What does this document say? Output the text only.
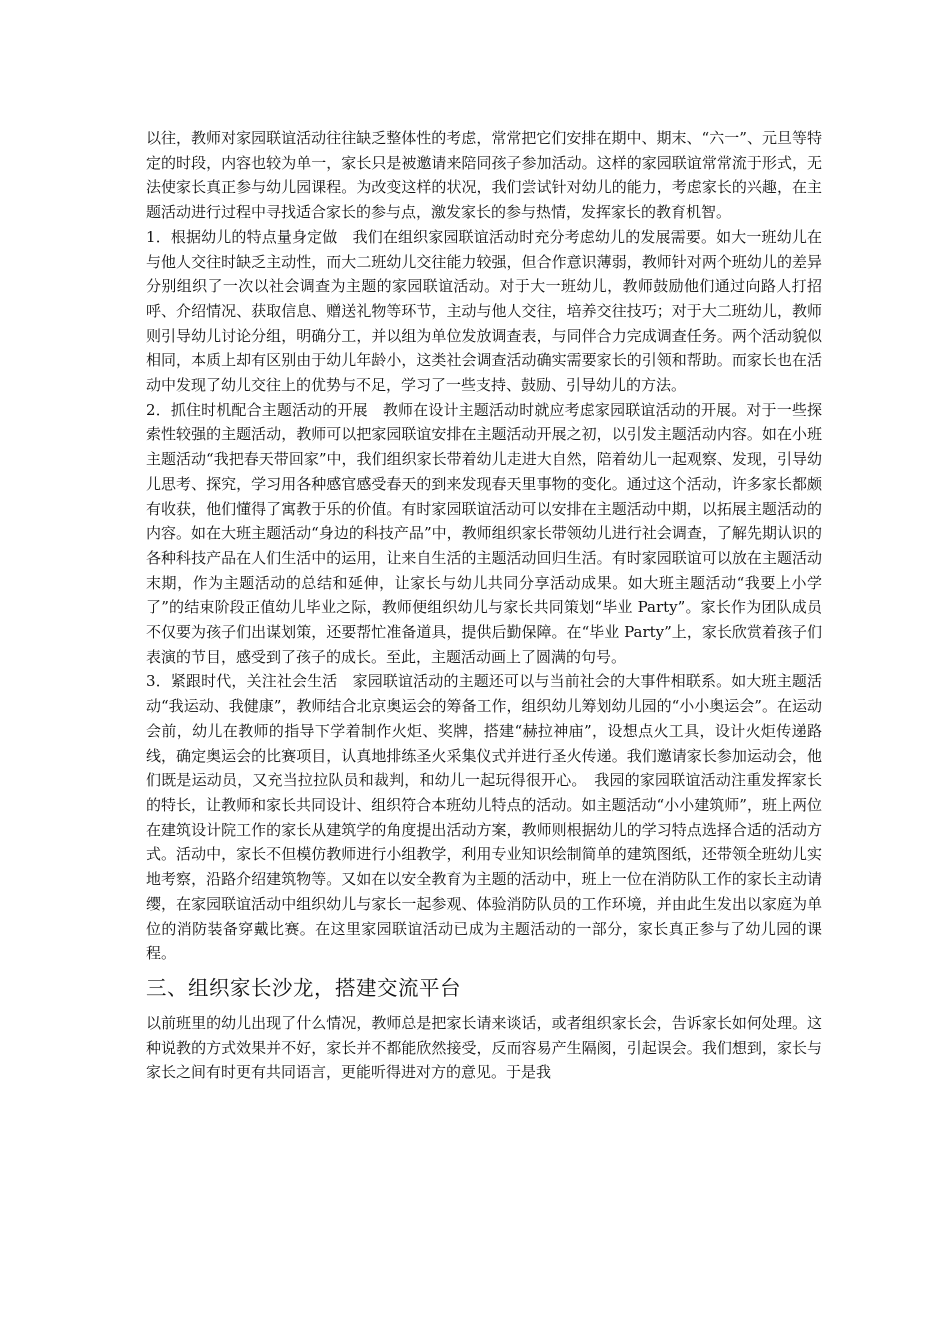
以往，教师对家园联谊活动往往缺乏整体性的考虑，常常把它们安排在期中、期末、“六一”、元旦等特定的时段，内容也较为单一，家长只是被邀请来陪同孩子参加活动。这样的家园联谊常常流于形式，无法使家长真正参与幼儿园课程。为改变这样的状况，我们尝试针对幼儿的能力，考虑家长的兴趣，在主题活动进行过程中寻找适合家长的参与点，激发家长的参与热情，发挥家长的教育机智。

1．根据幼儿的特点量身定做　我们在组织家园联谊活动时充分考虑幼儿的发展需要。如大一班幼儿在与他人交往时缺乏主动性，而大二班幼儿交往能力较强，但合作意识薄弱，教师针对两个班幼儿的差异分别组织了一次以社会调查为主题的家园联谊活动。对于大一班幼儿，教师鼓励他们通过向路人打招呼、介绍情况、获取信息、赠送礼物等环节，主动与他人交往，培养交往技巧；对于大二班幼儿，教师则引导幼儿讨论分组，明确分工，并以组为单位发放调查表，与同伴合力完成调查任务。两个活动貌似相同，本质上却有区别由于幼儿年龄小，这类社会调查活动确实需要家长的引领和帮助。而家长也在活动中发现了幼儿交往上的优势与不足，学习了一些支持、鼓励、引导幼儿的方法。

2．抓住时机配合主题活动的开展　教师在设计主题活动时就应考虑家园联谊活动的开展。对于一些探索性较强的主题活动，教师可以把家园联谊安排在主题活动开展之初，以引发主题活动内容。如在小班主题活动“我把春天带回家”中，我们组织家长带着幼儿走进大自然，陪着幼儿一起观察、发现，引导幼儿思考、探究，学习用各种感官感受春天的到来发现春天里事物的变化。通过这个活动，许多家长都颇有收获，他们懂得了寓教于乐的价值。有时家园联谊活动可以安排在主题活动中期，以拓展主题活动的内容。如在大班主题活动“身边的科技产品”中，教师组织家长带领幼儿进行社会调查，了解先期认识的各种科技产品在人们生活中的运用，让来自生活的主题活动回归生活。有时家园联谊可以放在主题活动末期，作为主题活动的总结和延伸，让家长与幼儿共同分享活动成果。如大班主题活动“我要上小学了”的结束阶段正值幼儿毕业之际，教师便组织幼儿与家长共同策划“毕业 Party”。家长作为团队成员不仅要为孩子们出谋划策，还要帮忙准备道具，提供后勤保障。在“毕业 Party”上，家长欣赏着孩子们表演的节目，感受到了孩子的成长。至此，主题活动画上了圆满的句号。

3．紧跟时代，关注社会生活　家园联谊活动的主题还可以与当前社会的大事件相联系。如大班主题活动“我运动、我健康”，教师结合北京奥运会的筹备工作，组织幼儿筹划幼儿园的“小小奥运会”。在运动会前，幼儿在教师的指导下学着制作火炬、奖牌，搭建“赫拉神庙”，设想点火工具，设计火炬传递路线，确定奥运会的比赛项目，认真地排练圣火采集仪式并进行圣火传递。我们邀请家长参加运动会，他们既是运动员，又充当拉拉队员和裁判，和幼儿一起玩得很开心。　我园的家园联谊活动注重发挥家长的特长，让教师和家长共同设计、组织符合本班幼儿特点的活动。如主题活动“小小建筑师”，班上两位在建筑设计院工作的家长从建筑学的角度提出活动方案，教师则根据幼儿的学习特点选择合适的活动方式。活动中，家长不但模仿教师进行小组教学，利用专业知识绘制简单的建筑图纸，还带领全班幼儿实地考察，沿路介绍建筑物等。又如在以安全教育为主题的活动中，班上一位在消防队工作的家长主动请缨，在家园联谊活动中组织幼儿与家长一起参观、体验消防队员的工作环境，并由此生发出以家庭为单位的消防装备穿戴比赛。在这里家园联谊活动已成为主题活动的一部分，家长真正参与了幼儿园的课程。

三、组织家长沙龙，搭建交流平台

以前班里的幼儿出现了什么情况，教师总是把家长请来谈话，或者组织家长会，告诉家长如何处理。这种说教的方式效果并不好，家长并不都能欣然接受，反而容易产生隔阂，引起误会。我们想到，家长与家长之间有时更有共同语言，更能听得进对方的意见。于是我
